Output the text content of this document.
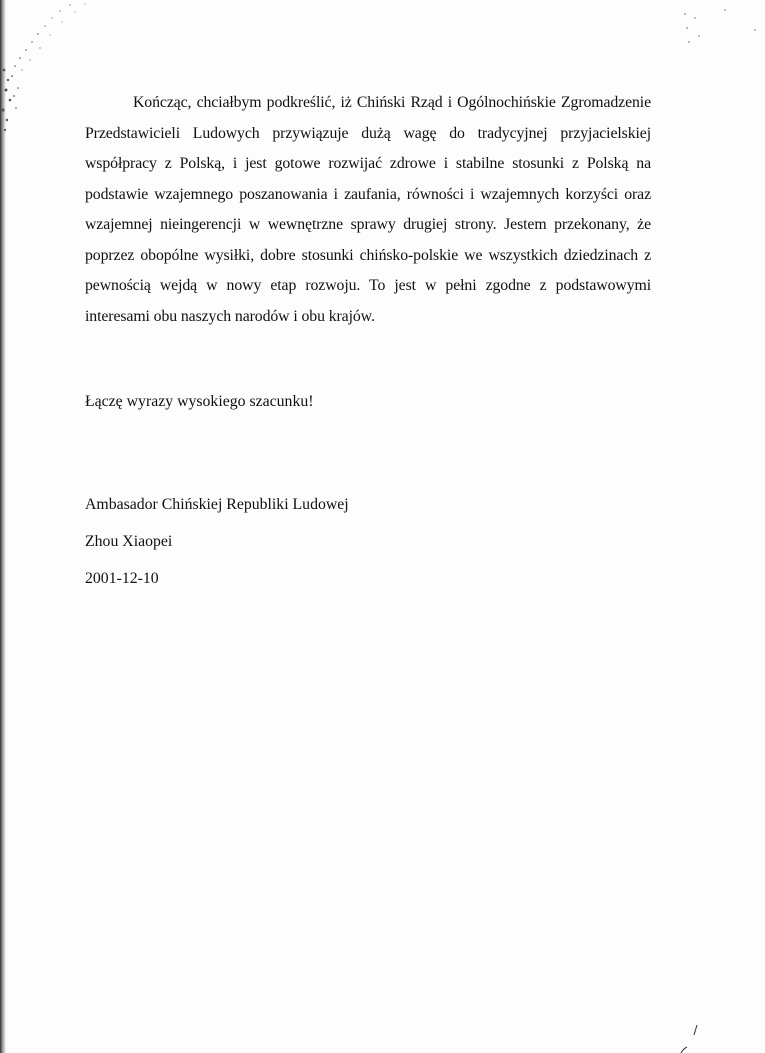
Kończąc, chciałbym podkreślić, iż Chiński Rząd i Ogólnochińskie Zgromadzenie Przedstawicieli Ludowych przywiązuje dużą wagę do tradycyjnej przyjacielskiej współpracy z Polską, i jest gotowe rozwijać zdrowe i stabilne stosunki z Polską na podstawie wzajemnego poszanowania i zaufania, równości i wzajemnych korzyści oraz wzajemnej nieingerencji w wewnętrzne sprawy drugiej strony. Jestem przekonany, że poprzez obopólne wysiłki, dobre stosunki chińsko-polskie we wszystkich dziedzinach z pewnością wejdą w nowy etap rozwoju. To jest w pełni zgodne z podstawowymi interesami obu naszych narodów i obu krajów.

Łączę wyrazy wysokiego szacunku!

Ambasador Chińskiej Republiki Ludowej
Zhou Xiaopei
2001-12-10
